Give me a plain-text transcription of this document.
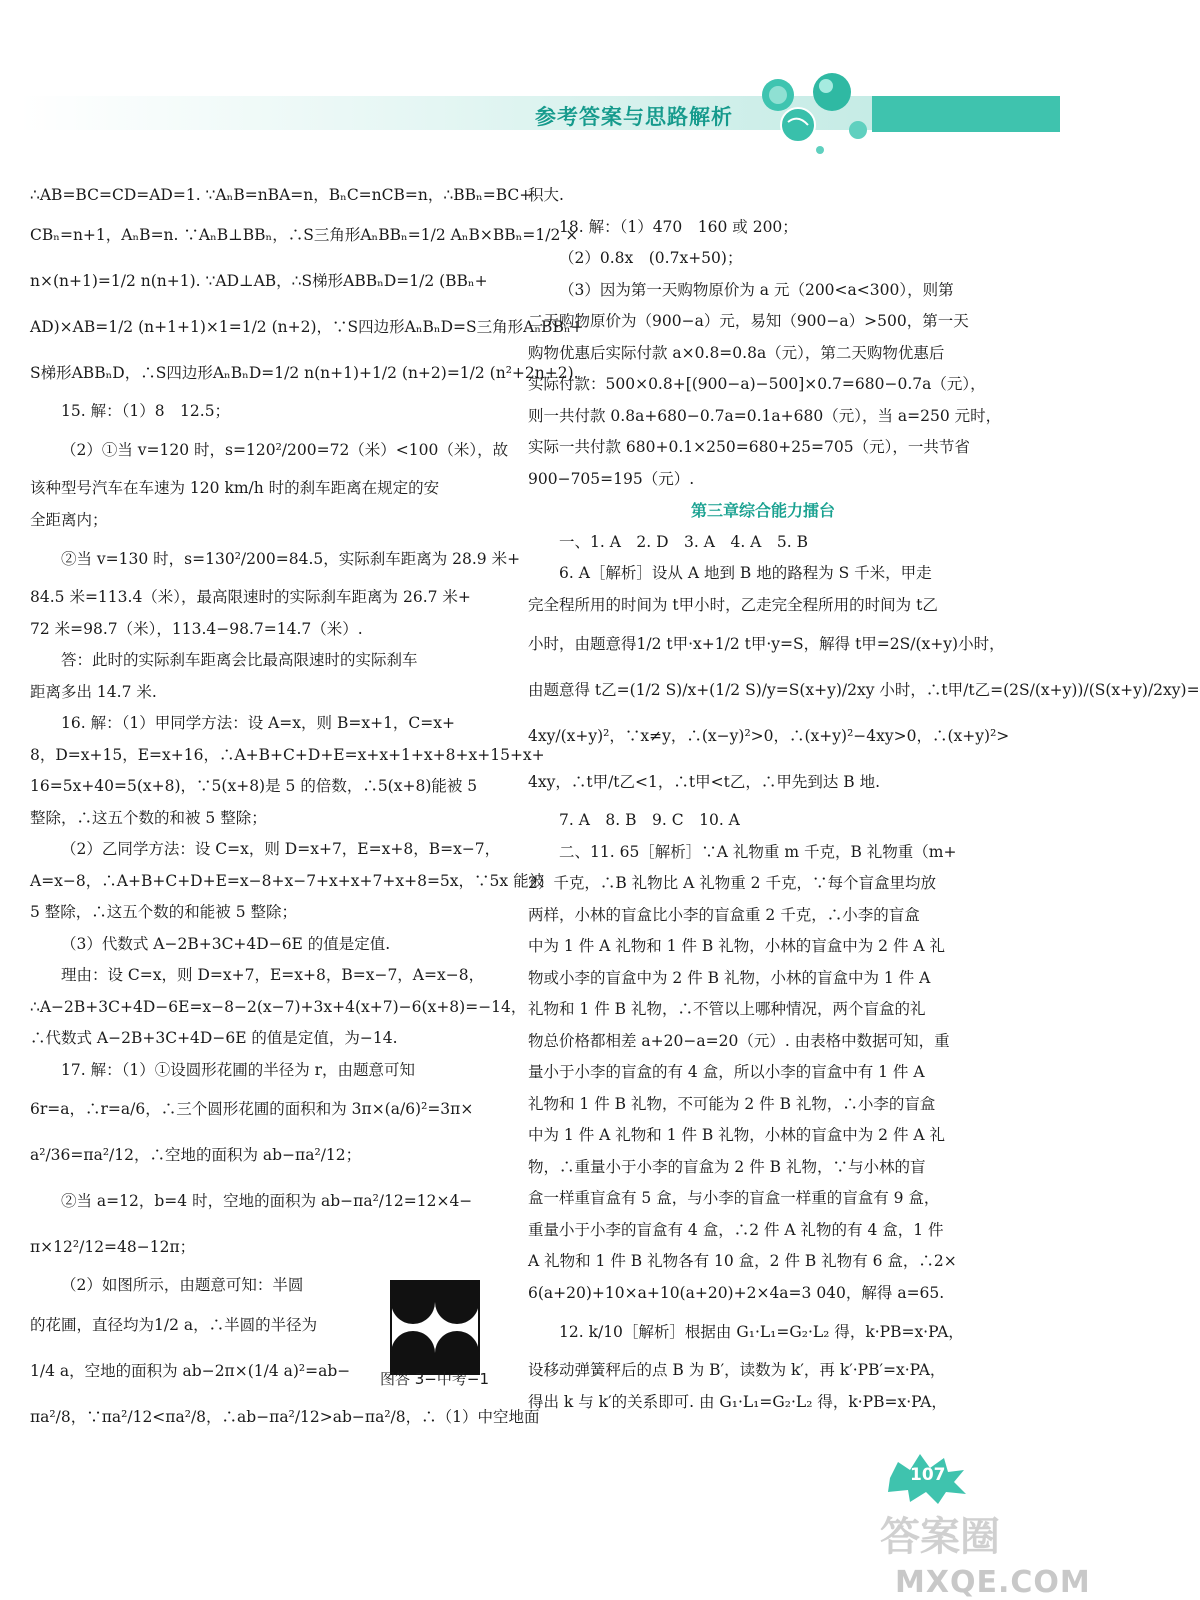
参考答案与思路解析
∴AB=BC=CD=AD=1. ∵AₙB=nBA=n，BₙC=nCB=n，∴BBₙ=BC+
CBₙ=n+1，AₙB=n. ∵AₙB⊥BBₙ，∴S三角形AₙBBₙ=1/2 AₙB×BBₙ=1/2 ×
n×(n+1)=1/2 n(n+1). ∵AD⊥AB，∴S梯形ABBₙD=1/2 (BBₙ+
AD)×AB=1/2 (n+1+1)×1=1/2 (n+2)，∵S四边形AₙBₙD=S三角形AₙBBₙ+
S梯形ABBₙD，∴S四边形AₙBₙD=1/2 n(n+1)+1/2 (n+2)=1/2 (n²+2n+2).
15. 解：（1）8　12.5；
（2）①当 v=120 时，s=120²/200=72（米）<100（米），故
该种型号汽车在车速为 120 km/h 时的刹车距离在规定的安
全距离内；
②当 v=130 时，s=130²/200=84.5，实际刹车距离为 28.9 米+
84.5 米=113.4（米），最高限速时的实际刹车距离为 26.7 米+
72 米=98.7（米），113.4−98.7=14.7（米）.
答：此时的实际刹车距离会比最高限速时的实际刹车
距离多出 14.7 米.
16. 解：（1）甲同学方法：设 A=x，则 B=x+1，C=x+
8，D=x+15，E=x+16，∴A+B+C+D+E=x+x+1+x+8+x+15+x+
16=5x+40=5(x+8)，∵5(x+8)是 5 的倍数，∴5(x+8)能被 5
整除，∴这五个数的和被 5 整除；
（2）乙同学方法：设 C=x，则 D=x+7，E=x+8，B=x−7，
A=x−8，∴A+B+C+D+E=x−8+x−7+x+x+7+x+8=5x，∵5x 能被
5 整除，∴这五个数的和能被 5 整除；
（3）代数式 A−2B+3C+4D−6E 的值是定值.
理由：设 C=x，则 D=x+7，E=x+8，B=x−7，A=x−8，
∴A−2B+3C+4D−6E=x−8−2(x−7)+3x+4(x+7)−6(x+8)=−14，
∴代数式 A−2B+3C+4D−6E 的值是定值，为−14.
17. 解：（1）①设圆形花圃的半径为 r，由题意可知
6r=a，∴r=a/6，∴三个圆形花圃的面积和为 3π×(a/6)²=3π×
a²/36=πa²/12，∴空地的面积为 ab−πa²/12；
②当 a=12，b=4 时，空地的面积为 ab−πa²/12=12×4−
π×12²/12=48−12π；
（2）如图所示，由题意可知：半圆
的花圃，直径均为1/2 a，∴半圆的半径为
1/4 a，空地的面积为 ab−2π×(1/4 a)²=ab−
πa²/8，∵πa²/12<πa²/8，∴ab−πa²/12>ab−πa²/8，∴（1）中空地面
图答 3−中考−1
积大.
18. 解：（1）470　160 或 200；
（2）0.8x　(0.7x+50)；
（3）因为第一天购物原价为 a 元（200<a<300），则第
二天购物原价为（900−a）元，易知（900−a）>500，第一天
购物优惠后实际付款 a×0.8=0.8a（元），第二天购物优惠后
实际付款：500×0.8+[(900−a)−500]×0.7=680−0.7a（元），
则一共付款 0.8a+680−0.7a=0.1a+680（元），当 a=250 元时，
实际一共付款 680+0.1×250=680+25=705（元），一共节省
900−705=195（元）.
第三章综合能力擂台
一、1. A　2. D　3. A　4. A　5. B
6. A［解析］设从 A 地到 B 地的路程为 S 千米，甲走
完全程所用的时间为 t甲小时，乙走完全程所用的时间为 t乙
小时，由题意得1/2 t甲·x+1/2 t甲·y=S，解得 t甲=2S/(x+y)小时，
由题意得 t乙=(1/2 S)/x+(1/2 S)/y=S(x+y)/2xy 小时，∴t甲/t乙=(2S/(x+y))/(S(x+y)/2xy)=
4xy/(x+y)²，∵x≠y，∴(x−y)²>0，∴(x+y)²−4xy>0，∴(x+y)²>
4xy，∴t甲/t乙<1，∴t甲<t乙，∴甲先到达 B 地.
7. A　8. B　9. C　10. A
二、11. 65［解析］∵A 礼物重 m 千克，B 礼物重（m+
2）千克，∴B 礼物比 A 礼物重 2 千克，∵每个盲盒里均放
两样，小林的盲盒比小李的盲盒重 2 千克，∴小李的盲盒
中为 1 件 A 礼物和 1 件 B 礼物，小林的盲盒中为 2 件 A 礼
物或小李的盲盒中为 2 件 B 礼物，小林的盲盒中为 1 件 A
礼物和 1 件 B 礼物，∴不管以上哪种情况，两个盲盒的礼
物总价格都相差 a+20−a=20（元）. 由表格中数据可知，重
量小于小李的盲盒的有 4 盒，所以小李的盲盒中有 1 件 A
礼物和 1 件 B 礼物，不可能为 2 件 B 礼物，∴小李的盲盒
中为 1 件 A 礼物和 1 件 B 礼物，小林的盲盒中为 2 件 A 礼
物，∴重量小于小李的盲盒为 2 件 B 礼物，∵与小林的盲
盒一样重盲盒有 5 盒，与小李的盲盒一样重的盲盒有 9 盒，
重量小于小李的盲盒有 4 盒，∴2 件 A 礼物的有 4 盒，1 件
A 礼物和 1 件 B 礼物各有 10 盒，2 件 B 礼物有 6 盒，∴2×
6(a+20)+10×a+10(a+20)+2×4a=3 040，解得 a=65.
12. k/10［解析］根据由 G₁·L₁=G₂·L₂ 得，k·PB=x·PA，
设移动弹簧秤后的点 B 为 B′，读数为 k′，再 k′·PB′=x·PA，
得出 k 与 k′的关系即可. 由 G₁·L₁=G₂·L₂ 得，k·PB=x·PA，
107
答案圈
MXQE.COM
